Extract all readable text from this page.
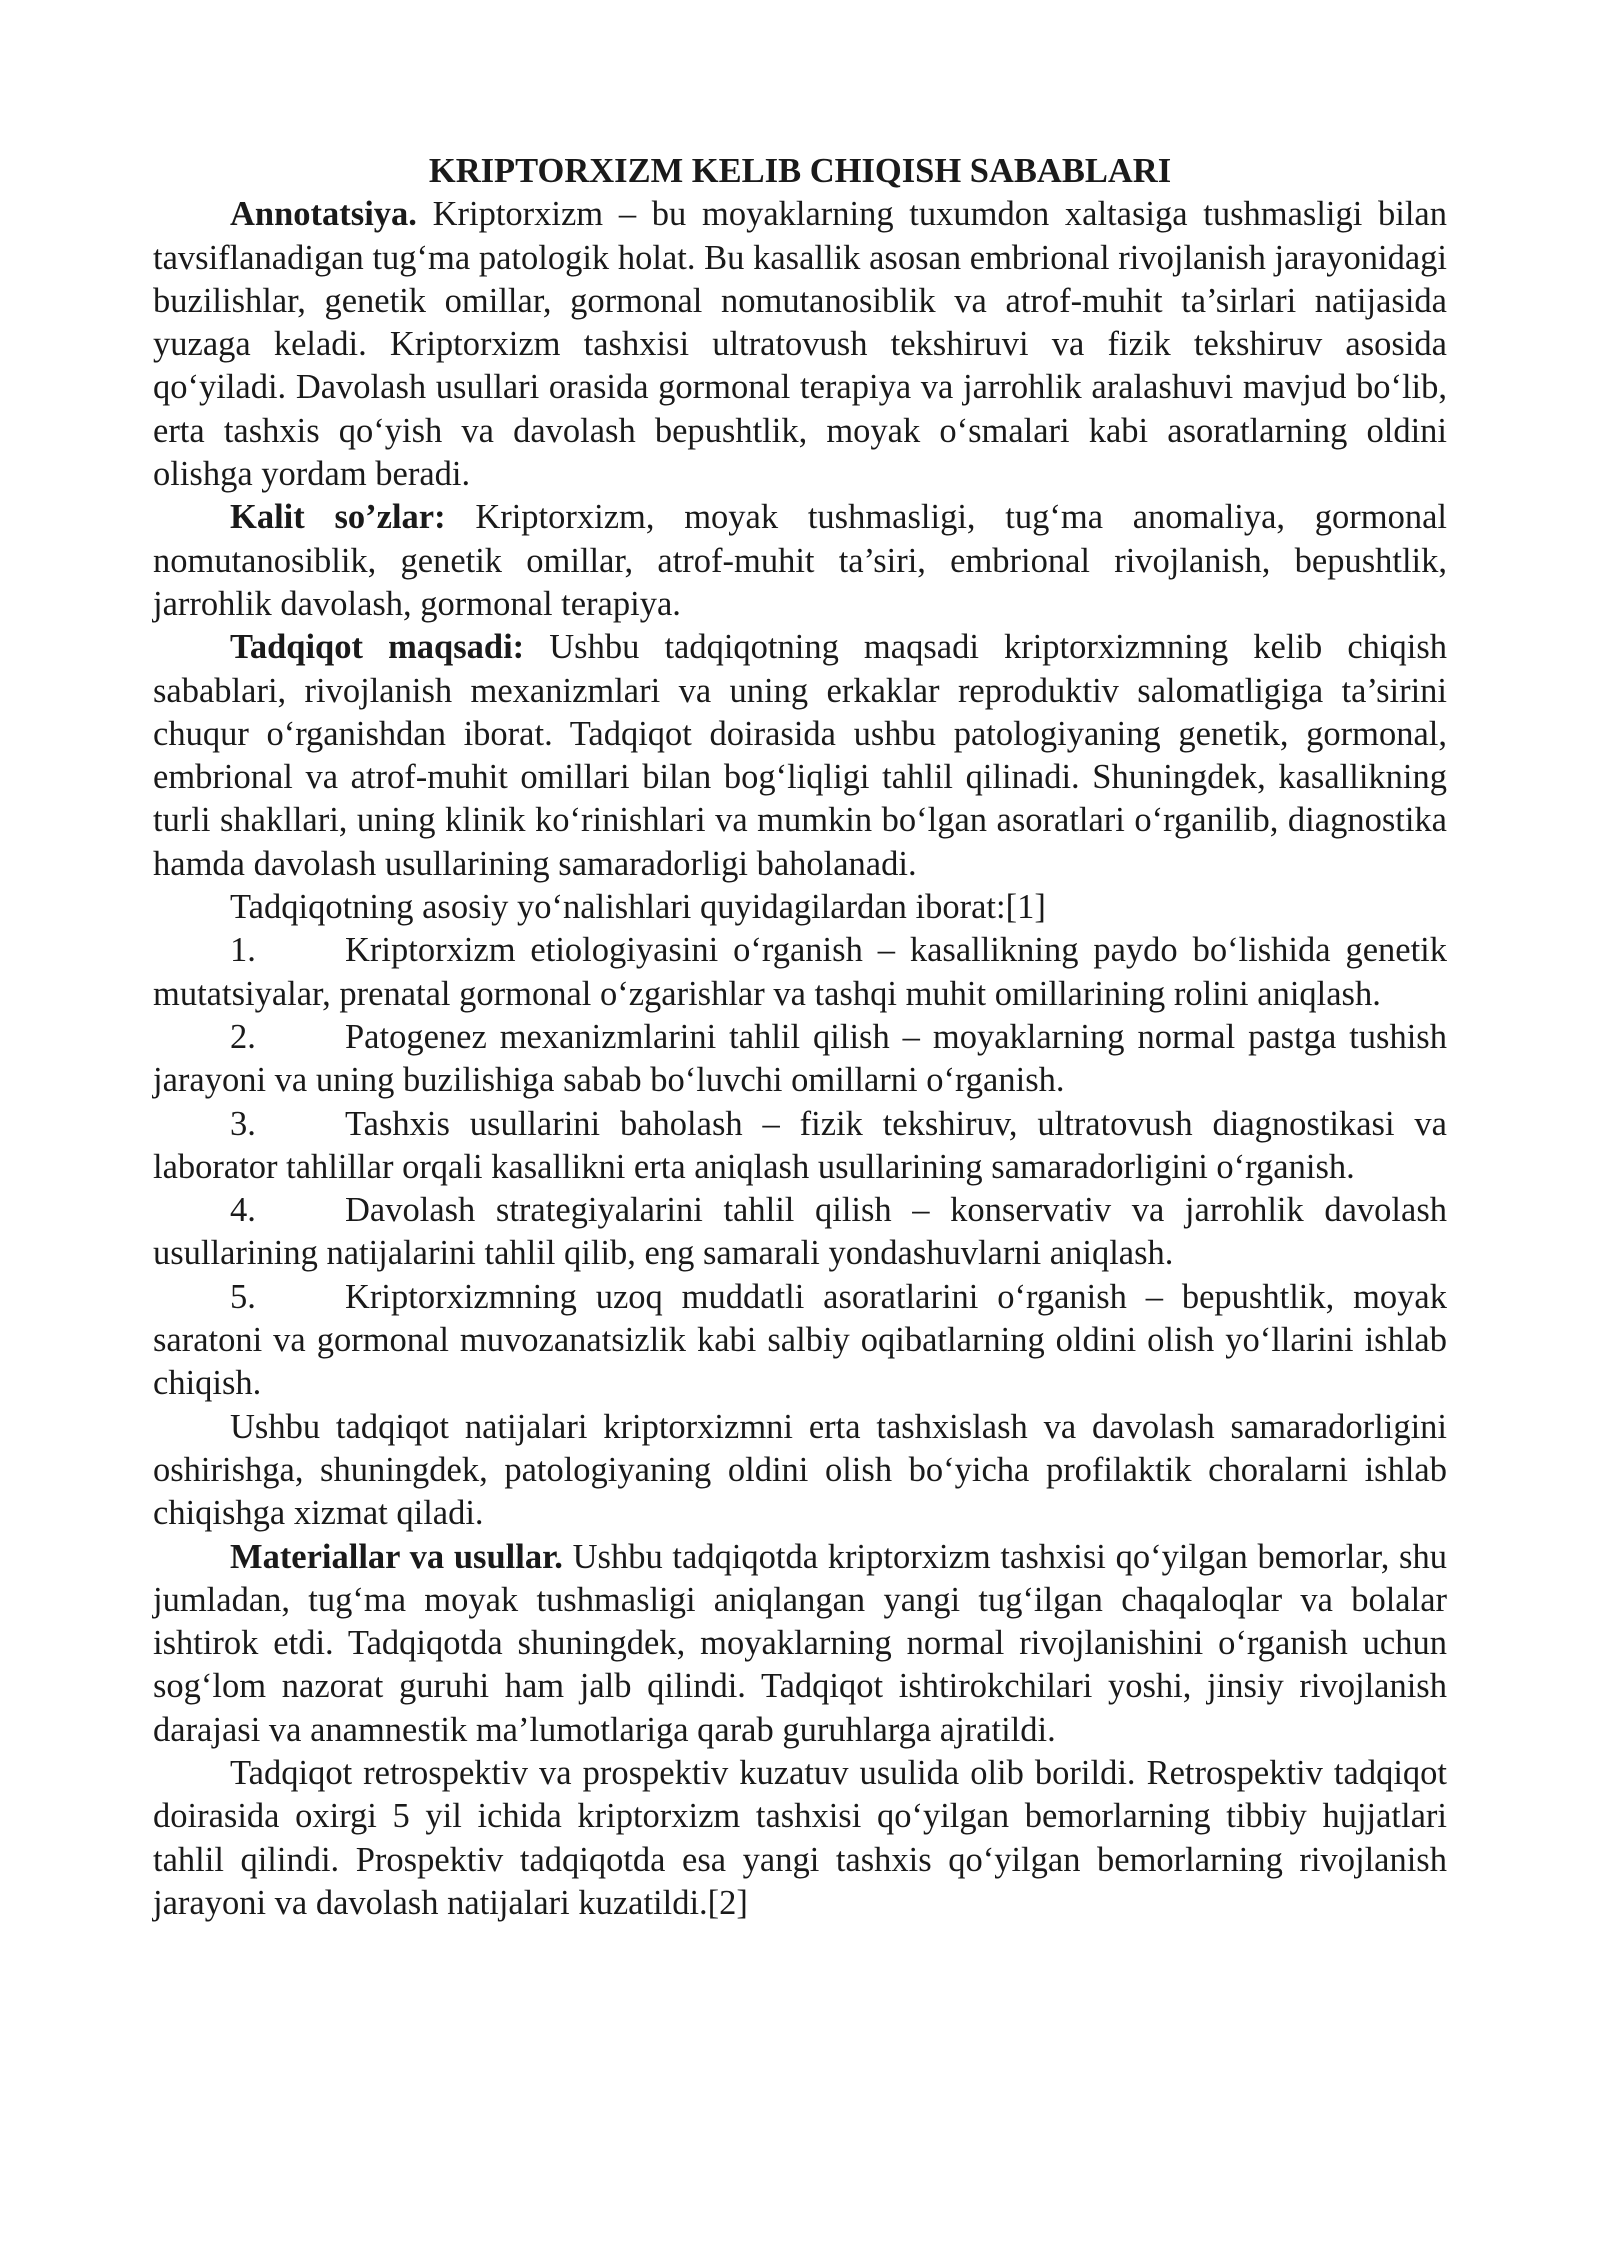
KRIPTORXIZM KELIB CHIQISH SABABLARI

Annotatsiya. Kriptorxizm – bu moyaklarning tuxumdon xaltasiga tushmasligi bilan tavsiflanadigan tug‘ma patologik holat. Bu kasallik asosan embrional rivojlanish jarayonidagi buzilishlar, genetik omillar, gormonal nomutanosiblik va atrof-muhit ta’sirlari natijasida yuzaga keladi. Kriptorxizm tashxisi ultratovush tekshiruvi va fizik tekshiruv asosida qo‘yiladi. Davolash usullari orasida gormonal terapiya va jarrohlik aralashuvi mavjud bo‘lib, erta tashxis qo‘yish va davolash bepushtlik, moyak o‘smalari kabi asoratlarning oldini olishga yordam beradi.

Kalit so’zlar: Kriptorxizm, moyak tushmasligi, tug‘ma anomaliya, gormonal nomutanosiblik, genetik omillar, atrof-muhit ta’siri, embrional rivojlanish, bepushtlik, jarrohlik davolash, gormonal terapiya.

Tadqiqot maqsadi: Ushbu tadqiqotning maqsadi kriptorxizmning kelib chiqish sabablari, rivojlanish mexanizmlari va uning erkaklar reproduktiv salomatligiga ta’sirini chuqur o‘rganishdan iborat. Tadqiqot doirasida ushbu patologiyaning genetik, gormonal, embrional va atrof-muhit omillari bilan bog‘liqligi tahlil qilinadi. Shuningdek, kasallikning turli shakllari, uning klinik ko‘rinishlari va mumkin bo‘lgan asoratlari o‘rganilib, diagnostika hamda davolash usullarining samaradorligi baholanadi.

Tadqiqotning asosiy yo‘nalishlari quyidagilardan iborat:[1]

1.	Kriptorxizm etiologiyasini o‘rganish – kasallikning paydo bo‘lishida genetik mutatsiyalar, prenatal gormonal o‘zgarishlar va tashqi muhit omillarining rolini aniqlash.

2.	Patogenez mexanizmlarini tahlil qilish – moyaklarning normal pastga tushish jarayoni va uning buzilishiga sabab bo‘luvchi omillarni o‘rganish.

3.	Tashxis usullarini baholash – fizik tekshiruv, ultratovush diagnostikasi va laborator tahlillar orqali kasallikni erta aniqlash usullarining samaradorligini o‘rganish.

4.	Davolash strategiyalarini tahlil qilish – konservativ va jarrohlik davolash usullarining natijalarini tahlil qilib, eng samarali yondashuvlarni aniqlash.

5.	Kriptorxizmning uzoq muddatli asoratlarini o‘rganish – bepushtlik, moyak saratoni va gormonal muvozanatsizlik kabi salbiy oqibatlarning oldini olish yo‘llarini ishlab chiqish.

Ushbu tadqiqot natijalari kriptorxizmni erta tashxislash va davolash samaradorligini oshirishga, shuningdek, patologiyaning oldini olish bo‘yicha profilaktik choralarni ishlab chiqishga xizmat qiladi.

Materiallar va usullar. Ushbu tadqiqotda kriptorxizm tashxisi qo‘yilgan bemorlar, shu jumladan, tug‘ma moyak tushmasligi aniqlangan yangi tug‘ilgan chaqaloqlar va bolalar ishtirok etdi. Tadqiqotda shuningdek, moyaklarning normal rivojlanishini o‘rganish uchun sog‘lom nazorat guruhi ham jalb qilindi. Tadqiqot ishtirokchilari yoshi, jinsiy rivojlanish darajasi va anamnestik ma’lumotlariga qarab guruhlarga ajratildi.

Tadqiqot retrospektiv va prospektiv kuzatuv usulida olib borildi. Retrospektiv tadqiqot doirasida oxirgi 5 yil ichida kriptorxizm tashxisi qo‘yilgan bemorlarning tibbiy hujjatlari tahlil qilindi. Prospektiv tadqiqotda esa yangi tashxis qo‘yilgan bemorlarning rivojlanish jarayoni va davolash natijalari kuzatildi.[2]
